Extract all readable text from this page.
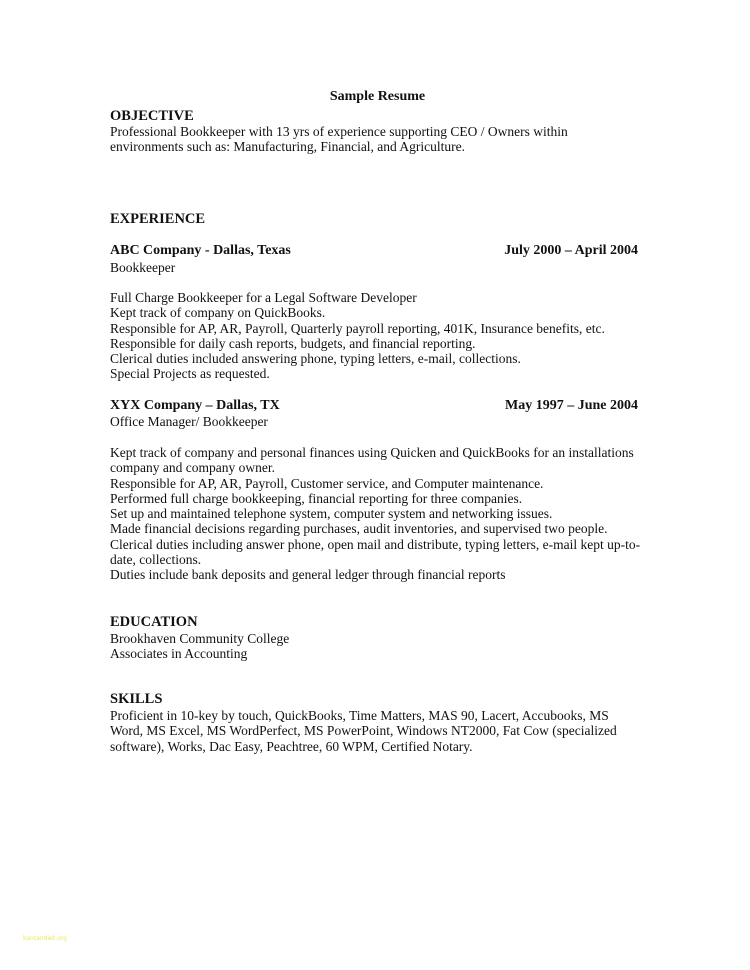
Sample Resume
OBJECTIVE
Professional Bookkeeper with 13 yrs of experience supporting CEO / Owners within
environments such as: Manufacturing, Financial, and Agriculture.
EXPERIENCE
ABC Company - Dallas, Texas	July 2000 – April 2004
Bookkeeper
Full Charge Bookkeeper for a Legal Software Developer
Kept track of company on QuickBooks.
Responsible for AP, AR, Payroll, Quarterly payroll reporting, 401K, Insurance benefits, etc.
Responsible for daily cash reports, budgets, and financial reporting.
Clerical duties included answering phone, typing letters, e-mail, collections.
Special Projects as requested.
XYX Company – Dallas, TX	May 1997 – June 2004
Office Manager/ Bookkeeper
Kept track of company and personal finances using Quicken and QuickBooks for an installations
company and company owner.
Responsible for AP, AR, Payroll, Customer service, and Computer maintenance.
Performed full charge bookkeeping, financial reporting for three companies.
Set up and maintained telephone system, computer system and networking issues.
Made financial decisions regarding purchases, audit inventories, and supervised two people.
Clerical duties including answer phone, open mail and distribute, typing letters, e-mail kept up-to-
date, collections.
Duties include bank deposits and general ledger through financial reports
EDUCATION
Brookhaven Community College
Associates in Accounting
SKILLS
Proficient in 10-key by touch, QuickBooks, Time Matters, MAS 90, Lacert, Accubooks, MS
Word, MS Excel, MS WordPerfect, MS PowerPoint, Windows NT2000, Fat Cow (specialized
software), Works, Dac Easy, Peachtree, 60 WPM, Certified Notary.
kantandiet.org
